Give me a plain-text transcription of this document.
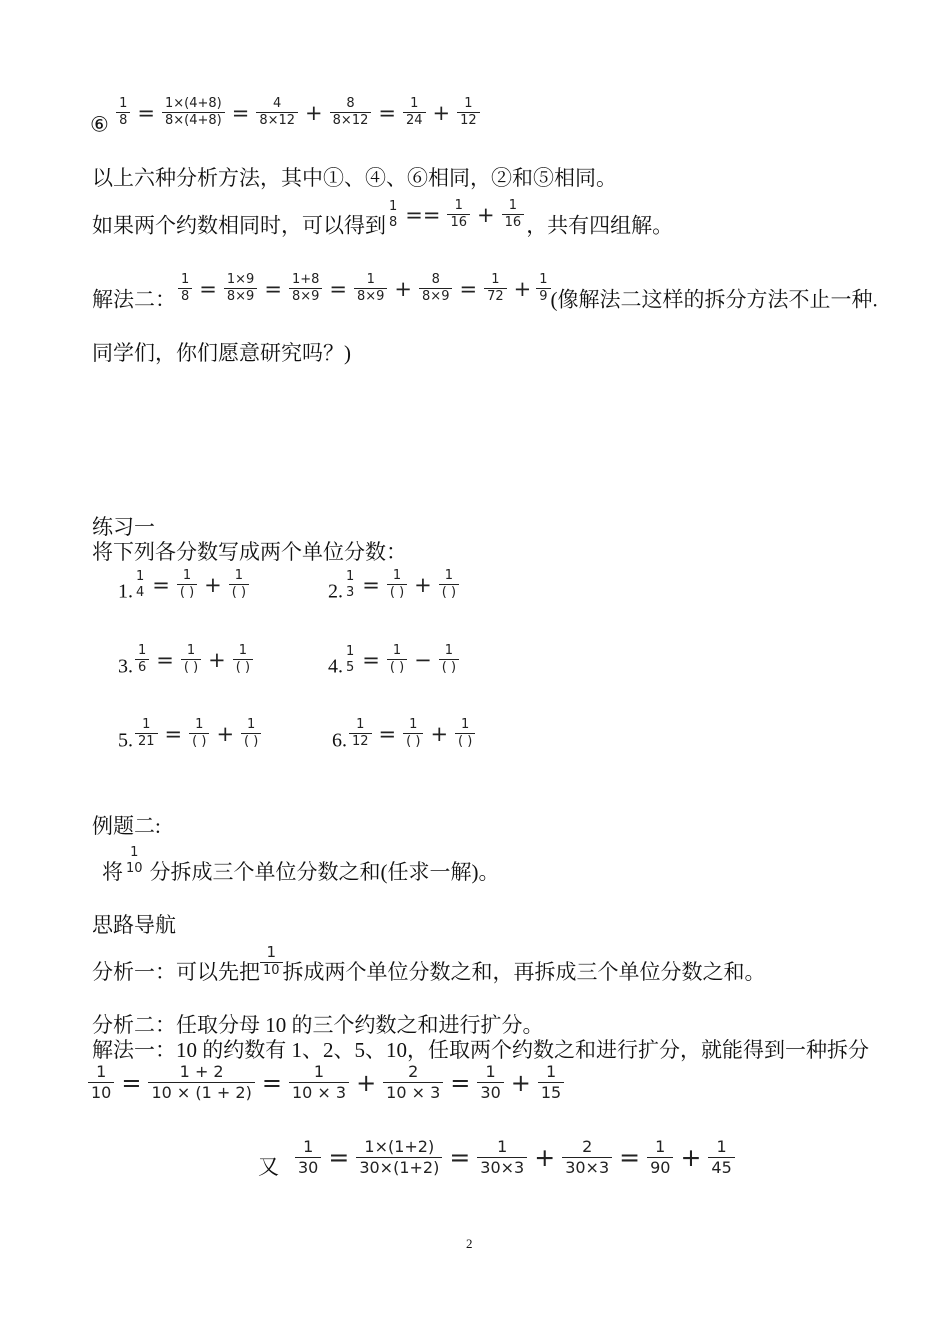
⑥
1
8 = 1×(4+8)
8×(4+8) =	4
8×12 +	8
8×12 =	1
24 +	1
12
以上六种分析方法，其中①、④、⑥相同，②和⑤相同。
如果两个约数相同时，可以得到
1
8 ==	1
16 +	1
16 ，共有四组解。
解法二：
1
8 = 1×9
8×9 = 1+8
8×9 =	1
8×9 +	8
8×9 =	1
72 + 1
9 (像解法二这样的拆分方法不止一种.
同学们，你们愿意研究吗？)
练习一
将下列各分数写成两个单位分数：
1.
1
4 =	1
( ) +	1
( )	2.
1
3 =	1
( ) +	1
( )
3.
1
6 =	1
( ) +	1
( )	4.
1
5 =	1
( ) −	1
( )
5.
1
21 =	1
( ) +	1
( )	6.
1
12 =	1
( ) +	1
( )
例题二:
将
1
10 分拆成三个单位分数之和(任求一解)。
思路导航
分析一：可以先把
1
10 拆成两个单位分数之和，再拆成三个单位分数之和。
分析二：任取分母 10 的三个约数之和进行扩分。
解法一：10 的约数有 1、2、5、10，任取两个约数之和进行扩分，就能得到一种拆分
1
10 =	1 + 2
10 × (1 + 2) =	1
10 × 3 +	2
10 × 3 = 1
30 + 1
15
又
1
30 = 1×(1+2)
30×(1+2) =	1
30×3 +	2
30×3 = 1
90 + 1
45
2
